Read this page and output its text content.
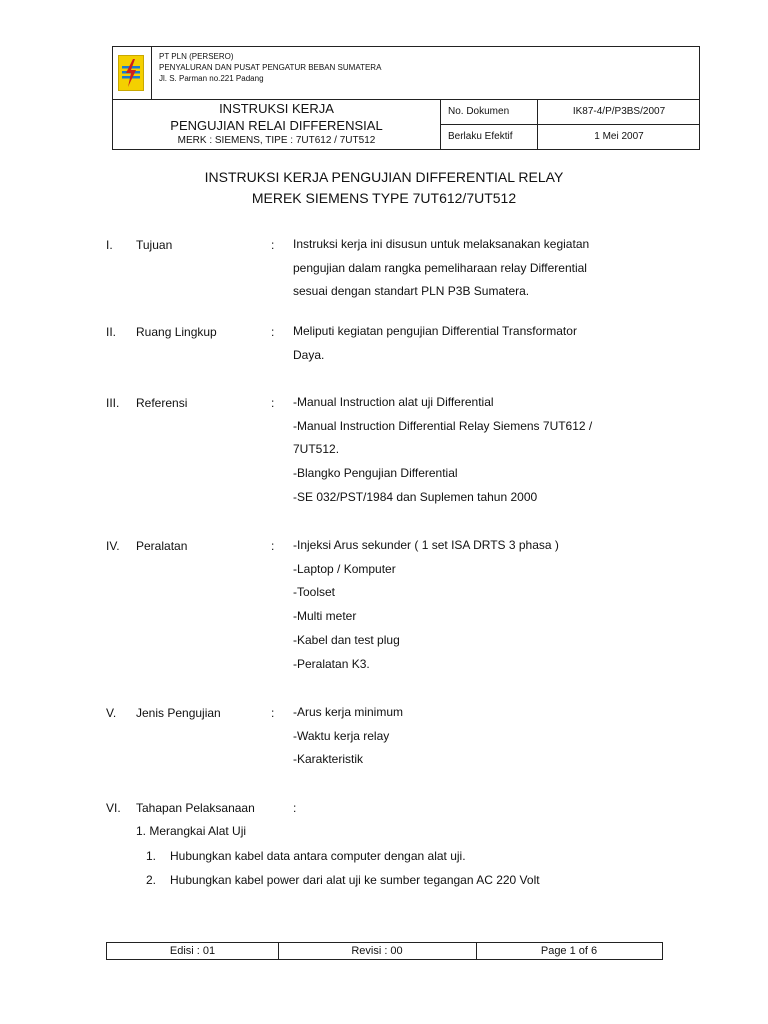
PT PLN (PERSERO)
PENYALURAN DAN PUSAT PENGATUR BEBAN SUMATERA
Jl. S. Parman no.221 Padang
INSTRUKSI KERJA
PENGUJIAN RELAI DIFFERENSIAL
MERK : SIEMENS, TIPE : 7UT612 / 7UT512
No. Dokumen	IK87-4/P/P3BS/2007
Berlaku Efektif	1 Mei 2007
INSTRUKSI KERJA PENGUJIAN DIFFERENTIAL RELAY
MEREK SIEMENS TYPE 7UT612/7UT512
I. Tujuan	: Instruksi kerja ini disusun untuk melaksanakan kegiatan
pengujian dalam rangka pemeliharaan relay Differential
sesuai dengan standart PLN P3B Sumatera.
II. Ruang Lingkup	: Meliputi kegiatan pengujian Differential Transformator
Daya.
III. Referensi	: -Manual Instruction alat uji Differential
-Manual Instruction Differential Relay Siemens 7UT612 /
7UT512.
-Blangko Pengujian Differential
-SE 032/PST/1984 dan Suplemen tahun 2000
IV. Peralatan	: -Injeksi Arus sekunder ( 1 set ISA DRTS 3 phasa )
-Laptop / Komputer
-Toolset
-Multi meter
-Kabel dan test plug
-Peralatan K3.
V. Jenis Pengujian	: -Arus kerja minimum
-Waktu kerja relay
-Karakteristik
VI. Tahapan Pelaksanaan	:
1. Merangkai Alat Uji
1. Hubungkan kabel data antara computer dengan alat uji.
2. Hubungkan kabel power dari alat uji ke sumber tegangan AC 220 Volt
Edisi : 01	Revisi : 00	Page 1 of 6
